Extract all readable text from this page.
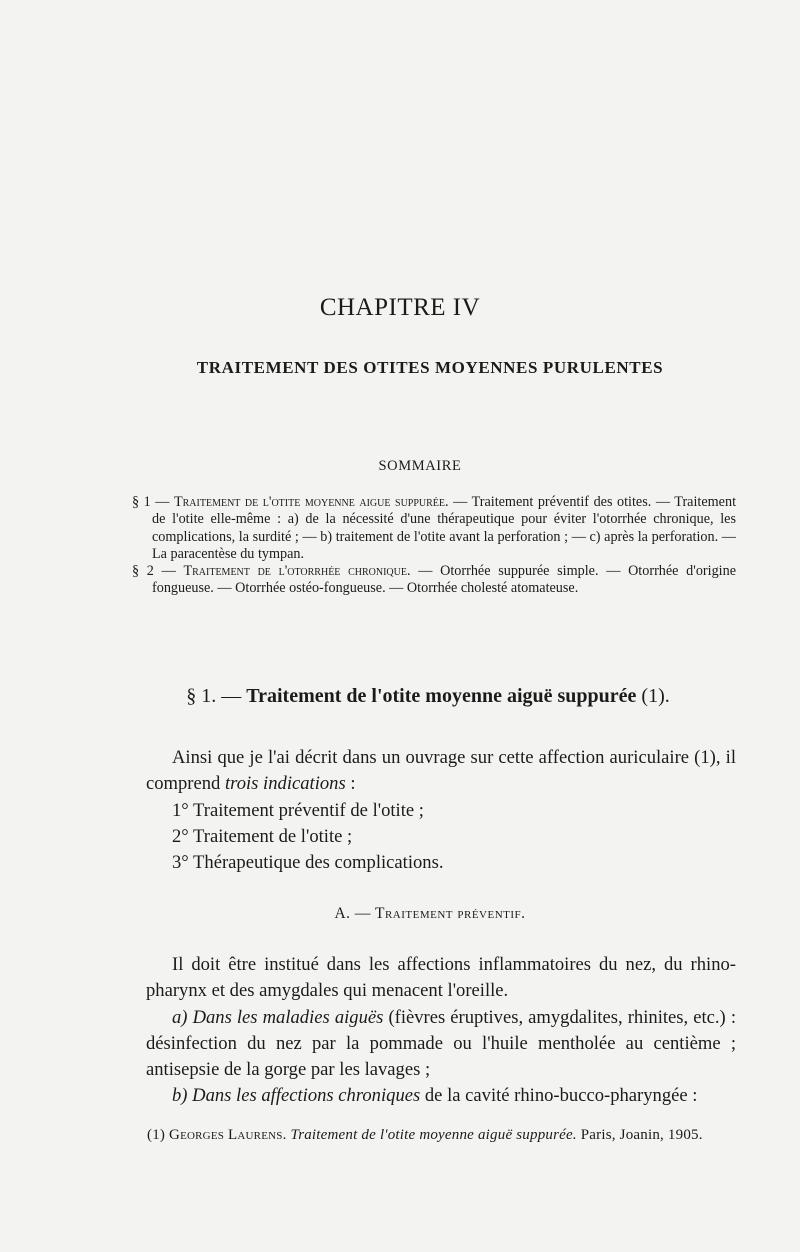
CHAPITRE IV
TRAITEMENT DES OTITES MOYENNES PURULENTES
SOMMAIRE

§ 1 — Traitement de l'otite moyenne aigue suppurée. — Traitement préventif des otites. — Traitement de l'otite elle-même : a) de la nécessité d'une thérapeutique pour éviter l'otorrhée chronique, les complications, la surdité ; — b) traitement de l'otite avant la perforation ; — c) après la perforation. — La paracentèse du tympan.

§ 2 — Traitement de l'otorrhée chronique. — Otorrhée suppurée simple. — Otorrhée d'origine fongueuse. — Otorrhée ostéo-fongueuse. — Otorrhée cholesté atomateuse.

§ 1. — Traitement de l'otite moyenne aiguë suppurée (1).

Ainsi que je l'ai décrit dans un ouvrage sur cette affection auriculaire (1), il comprend trois indications :

1° Traitement préventif de l'otite ;

2° Traitement de l'otite ;

3° Thérapeutique des complications.

A. — Traitement préventif.

Il doit être institué dans les affections inflammatoires du nez, du rhino-pharynx et des amygdales qui menacent l'oreille.

a) Dans les maladies aiguës (fièvres éruptives, amygdalites, rhinites, etc.) : désinfection du nez par la pommade ou l'huile mentholée au centième ; antisepsie de la gorge par les lavages ;

b) Dans les affections chroniques de la cavité rhino-bucco-pharyngée :

(1) Georges Laurens. Traitement de l'otite moyenne aiguë suppurée. Paris, Joanin, 1905.
